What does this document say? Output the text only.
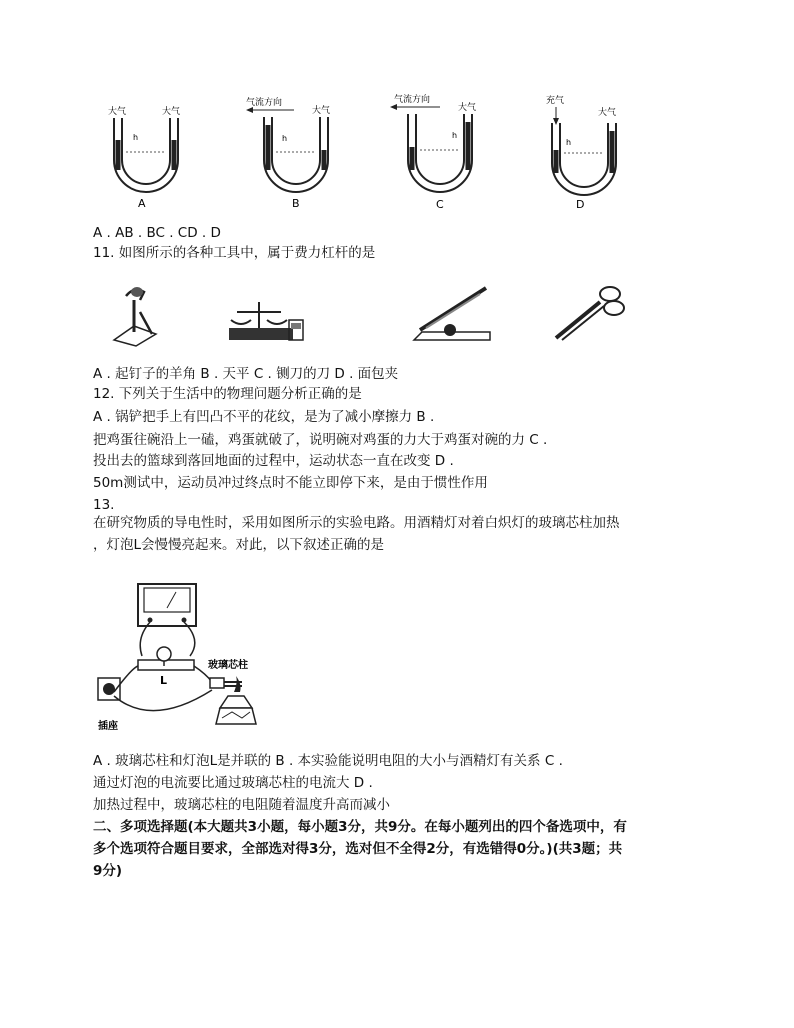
大气	大气
h
A
气流方向
大气
h
B
气流方向
大气
h
C
充气
大气
h
D
A . AB . BC . CD . D
11. 如图所示的各种工具中，属于费力杠杆的是
A . 起钉子的羊角 B . 天平 C . 铡刀的刀 D . 面包夹
12. 下列关于生活中的物理问题分析正确的是
A . 锅铲把手上有凹凸不平的花纹，是为了减小摩擦力 B .
把鸡蛋往碗沿上一磕，鸡蛋就破了，说明碗对鸡蛋的力大于鸡蛋对碗的力 C .
投出去的篮球到落回地面的过程中，运动状态一直在改变 D .
50m测试中，运动员冲过终点时不能立即停下来，是由于惯性作用
13.
在研究物质的导电性时，采用如图所示的实验电路。用酒精灯对着白炽灯的玻璃芯柱加热
，灯泡L会慢慢亮起来。对此，以下叙述正确的是
L
插座
玻璃芯柱
A . 玻璃芯柱和灯泡L是并联的 B . 本实验能说明电阻的大小与酒精灯有关系 C .
通过灯泡的电流要比通过玻璃芯柱的电流大 D .
加热过程中，玻璃芯柱的电阻随着温度升高而减小
二、多项选择题(本大题共3小题，每小题3分，共9分。在每小题列出的四个备选项中，有
多个选项符合题目要求，全部选对得3分，选对但不全得2分，有选错得0分。)(共3题；共
9分)
